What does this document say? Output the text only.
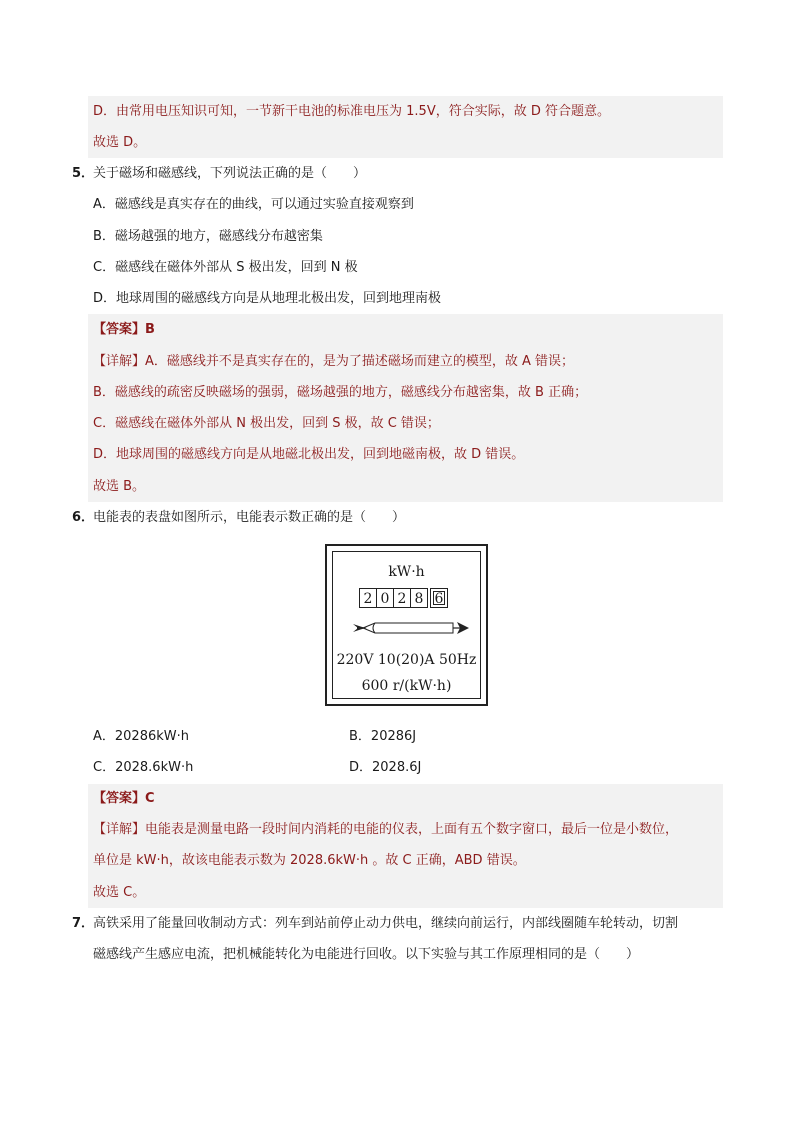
D．由常用电压知识可知，一节新干电池的标准电压为 1.5V，符合实际，故 D 符合题意。
故选 D。
5．
关于磁场和磁感线，下列说法正确的是（　　）
A．磁感线是真实存在的曲线，可以通过实验直接观察到
B．磁场越强的地方，磁感线分布越密集
C．磁感线在磁体外部从 S 极出发，回到 N 极
D．地球周围的磁感线方向是从地理北极出发，回到地理南极
【答案】B
【详解】A．磁感线并不是真实存在的，是为了描述磁场而建立的模型，故 A 错误；
B．磁感线的疏密反映磁场的强弱，磁场越强的地方，磁感线分布越密集，故 B 正确；
C．磁感线在磁体外部从 N 极出发，回到 S 极，故 C 错误；
D．地球周围的磁感线方向是从地磁北极出发，回到地磁南极，故 D 错误。
故选 B。
6．
电能表的表盘如图所示，电能表示数正确的是（　　）
kW·h
2 0 2 8 6
220V 10(20)A 50Hz
600 r/(kW·h)
A．20286kW·h	B．20286J
C．2028.6kW·h	D．2028.6J
【答案】C
【详解】电能表是测量电路一段时间内消耗的电能的仪表，上面有五个数字窗口，最后一位是小数位，
单位是 kW·h，故该电能表示数为 2028.6kW·h 。故 C 正确，ABD 错误。
故选 C。
7．
高铁采用了能量回收制动方式：列车到站前停止动力供电，继续向前运行，内部线圈随车轮转动，切割
磁感线产生感应电流，把机械能转化为电能进行回收。以下实验与其工作原理相同的是（　　）
